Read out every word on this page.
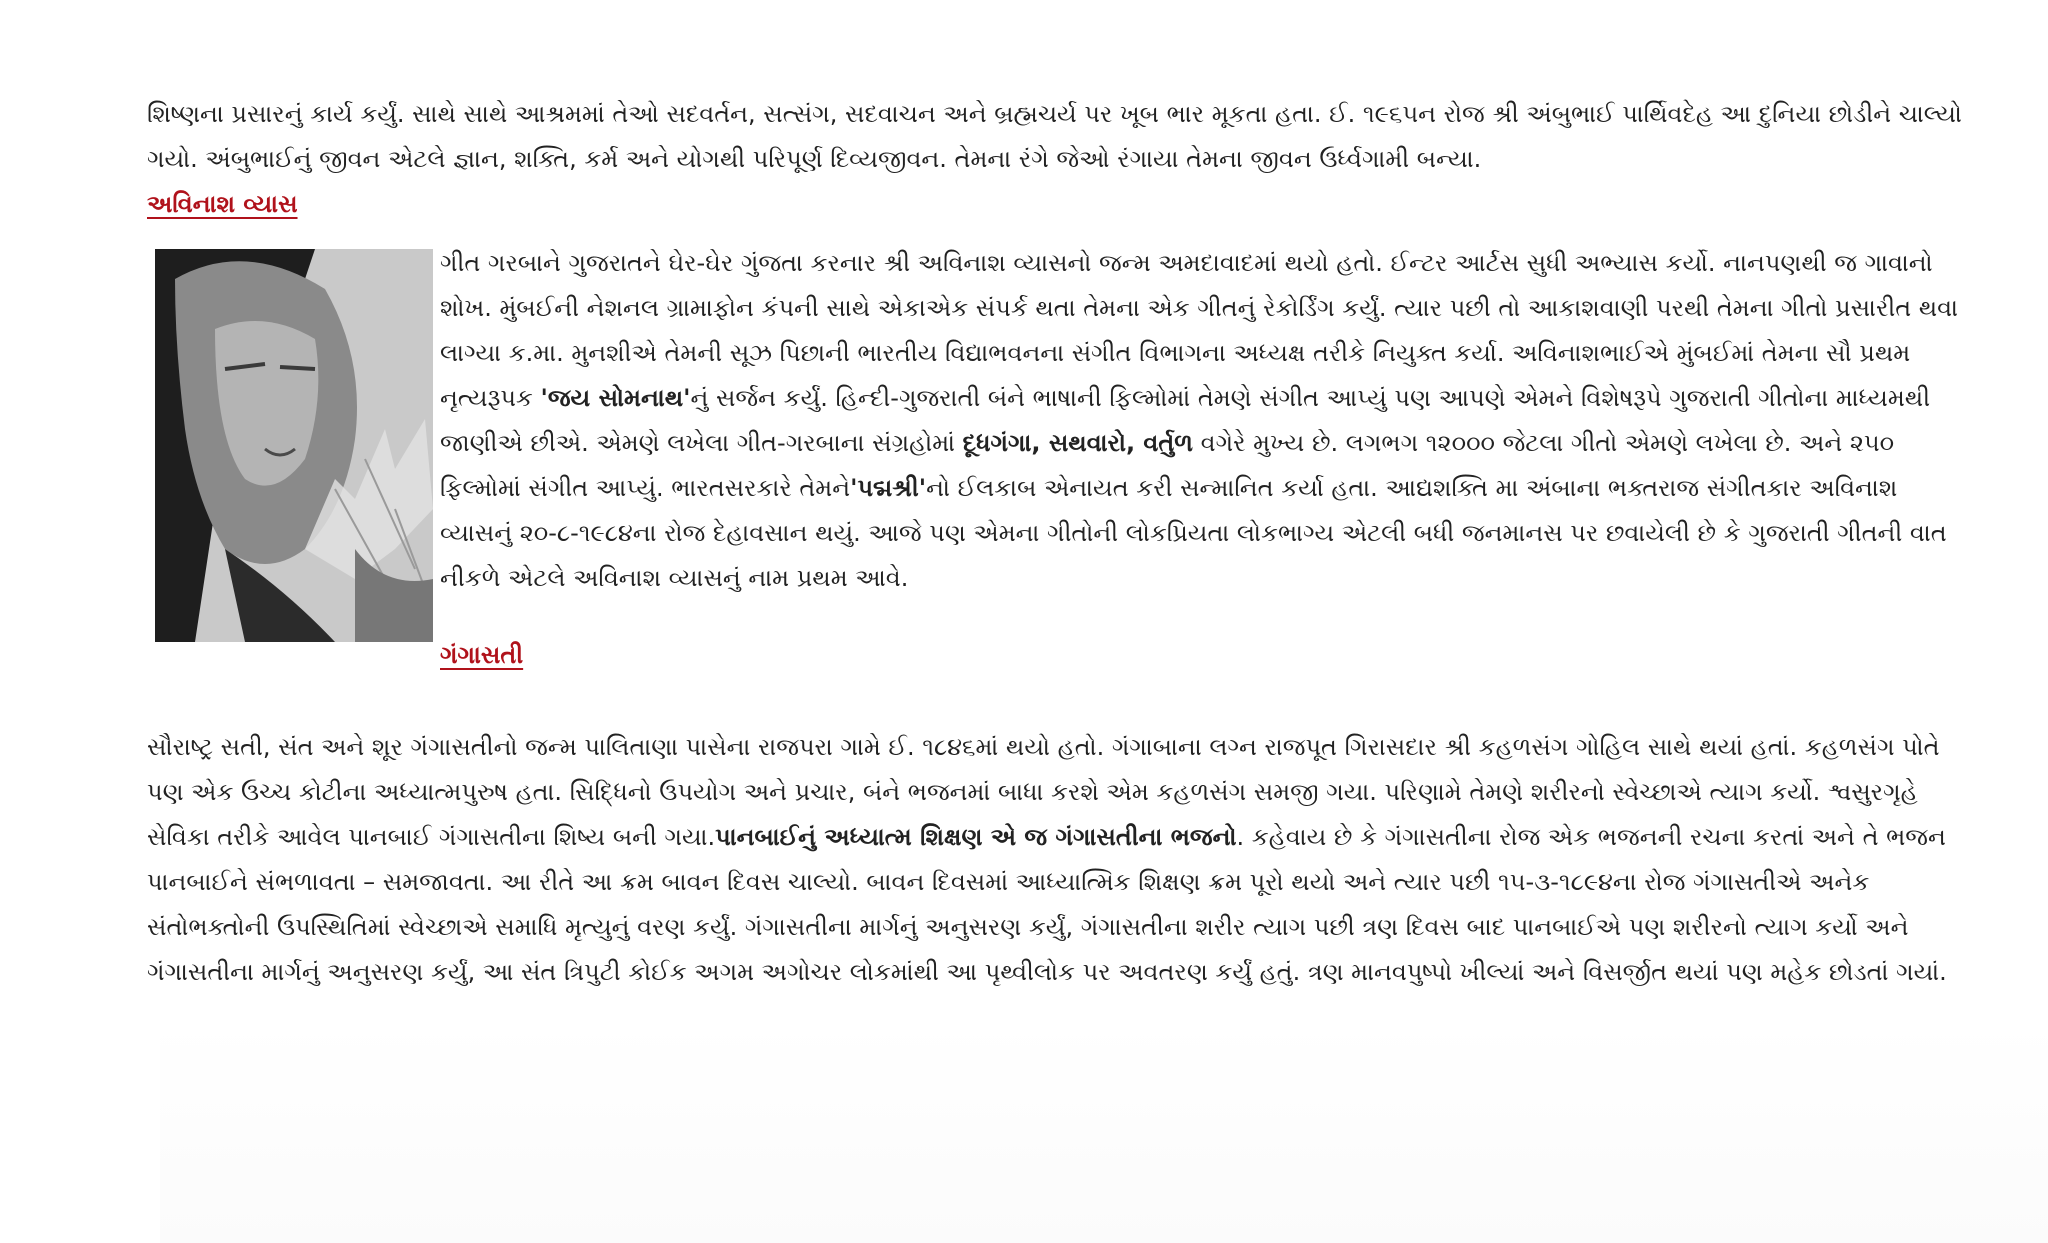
શિષ્ણના પ્રસારનું કાર્ય કર્યું. સાથે સાથે આશ્રમમાં તેઓ સદવર્તન, સત્સંગ, સદવાચન અને બ્રહ્મચર્ય પર ખૂબ ભાર મૂકતા હતા. ઈ. ૧૯૬૫ન રોજ શ્રી અંબુભાઈ પાર્થિવદેહ આ દુનિયા છોડીને ચાલ્યો ગયો. અંબુભાઈનું જીવન એટલે જ્ઞાન, શક્તિ, કર્મ અને યોગથી પરિપૂર્ણ દિવ્યજીવન. તેમના રંગે જેઓ રંગાયા તેમના જીવન ઉર્ધ્વગામી બન્યા.

અવિનાશ વ્યાસ

ગીત ગરબાને ગુજરાતને ઘેર-ઘેર ગુંજતા કરનાર શ્રી અવિનાશ વ્યાસનો જન્મ અમદાવાદમાં થયો હતો. ઈન્ટર આર્ટસ સુધી અભ્યાસ કર્યો. નાનપણથી જ ગાવાનો શોખ. મુંબઈની નેશનલ ગ્રામાફોન કંપની સાથે એકાએક સંપર્ક થતા તેમના એક ગીતનું રેકોર્ડિંગ કર્યું. ત્યાર પછી તો આકાશવાણી પરથી તેમના ગીતો પ્રસારીત થવા લાગ્યા ક.મા. મુનશીએ તેમની સૂઝ પિછાની ભારતીય વિદ્યાભવનના સંગીત વિભાગના અધ્યક્ષ તરીકે નિયુક્ત કર્યા. અવિનાશભાઈએ મુંબઈમાં તેમના સૌ પ્રથમ નૃત્યરૂપક 'જય સોમનાથ'નું સર્જન કર્યું. હિન્દી-ગુજરાતી બંને ભાષાની ફિલ્મોમાં તેમણે સંગીત આપ્યું પણ આપણે એમને વિશેષરૂપે ગુજરાતી ગીતોના માધ્યમથી જાણીએ છીએ. એમણે લખેલા ગીત-ગરબાના સંગ્રહોમાં દૂધગંગા, સથવારો, વર્તુળ વગેરે મુખ્ય છે. લગભગ ૧૨૦૦૦ જેટલા ગીતો એમણે લખેલા છે. અને ૨૫૦ ફિલ્મોમાં સંગીત આપ્યું. ભારતસરકારે તેમને'પદ્મશ્રી'નો ઈલકાબ એનાયત કરી સન્માનિત કર્યા હતા. આદ્યશક્તિ મા અંબાના ભક્તરાજ સંગીતકાર અવિનાશ વ્યાસનું ૨૦-૮-૧૯૮૪ના રોજ દેહાવસાન થયું. આજે પણ એમના ગીતોની લોકપ્રિયતા લોકભાગ્ય એટલી બધી જનમાનસ પર છવાયેલી છે કે ગુજરાતી ગીતની વાત નીકળે એટલે અવિનાશ વ્યાસનું નામ પ્રથમ આવે.

ગંગાસતી

સૌરાષ્ટ્ર સતી, સંત અને શૂર ગંગાસતીનો જન્મ પાલિતાણા પાસેના રાજપરા ગામે ઈ. ૧૮૪૬માં થયો હતો. ગંગાબાના લગ્ન રાજપૂત ગિરાસદાર શ્રી કહળસંગ ગોહિલ સાથે થયાં હતાં. કહળસંગ પોતે પણ એક ઉચ્ચ કોટીના અધ્યાત્મપુરુષ હતા. સિદ્ધિનો ઉપયોગ અને પ્રચાર, બંને ભજનમાં બાધા કરશે એમ કહળસંગ સમજી ગયા. પરિણામે તેમણે શરીરનો સ્વેચ્છાએ ત્યાગ કર્યો. શ્વસુરગૃહે સેવિકા તરીકે આવેલ પાનબાઈ ગંગાસતીના શિષ્ય બની ગયા.પાનબાઈનું અધ્યાત્મ શિક્ષણ એ જ ગંગાસતીના ભજનો. કહેવાય છે કે ગંગાસતીના રોજ એક ભજનની રચના કરતાં અને તે ભજન પાનબાઈને સંભળાવતા – સમજાવતા. આ રીતે આ ક્રમ બાવન દિવસ ચાલ્યો. બાવન દિવસમાં આધ્યાત્મિક શિક્ષણ ક્રમ પૂરો થયો અને ત્યાર પછી ૧૫-૩-૧૮૯૪ના રોજ ગંગાસતીએ અનેક સંતોભક્તોની ઉપસ્થિતિમાં સ્વેચ્છાએ સમાધિ મૃત્યુનું વરણ કર્યું. ગંગાસતીના માર્ગનું અનુસરણ કર્યું, ગંગાસતીના શરીર ત્યાગ પછી ત્રણ દિવસ બાદ પાનબાઈએ પણ શરીરનો ત્યાગ કર્યો અને ગંગાસતીના માર્ગનું અનુસરણ કર્યું, આ સંત ત્રિપુટી કોઈક અગમ અગોચર લોકમાંથી આ પૃથ્વીલોક પર અવતરણ કર્યું હતું. ત્રણ માનવપુષ્પો ખીલ્યાં અને વિસર્જીત થયાં પણ મહેક છોડતાં ગયાં.
